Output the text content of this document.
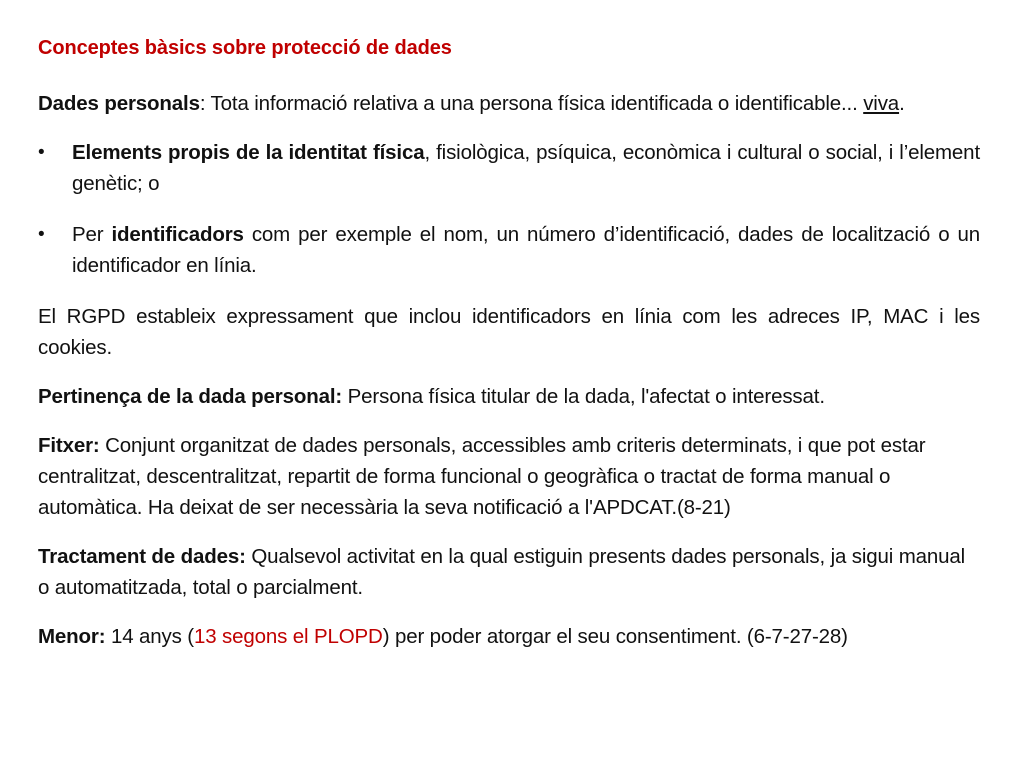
Conceptes bàsics sobre protecció de dades

Dades personals: Tota informació relativa a una persona física identificada o identificable... viva.

• Elements propis de la identitat física, fisiològica, psíquica, econòmica i cultural o social, i l’element genètic; o
• Per identificadors com per exemple el nom, un número d’identificació, dades de localització o un identificador en línia.

El RGPD estableix expressament que inclou identificadors en línia com les adreces IP, MAC i les cookies.

Pertinença de la dada personal: Persona física titular de la dada, l'afectat o interessat.

Fitxer: Conjunt organitzat de dades personals, accessibles amb criteris determinats, i que pot estar centralitzat, descentralitzat, repartit de forma funcional o geogràfica o tractat de forma manual o automàtica. Ha deixat de ser necessària la seva notificació a l'APDCAT.(8-21)

Tractament de dades: Qualsevol activitat en la qual estiguin presents dades personals, ja sigui manual o automatitzada, total o parcialment.

Menor: 14 anys (13 segons el PLOPD) per poder atorgar el seu consentiment. (6-7-27-28)
